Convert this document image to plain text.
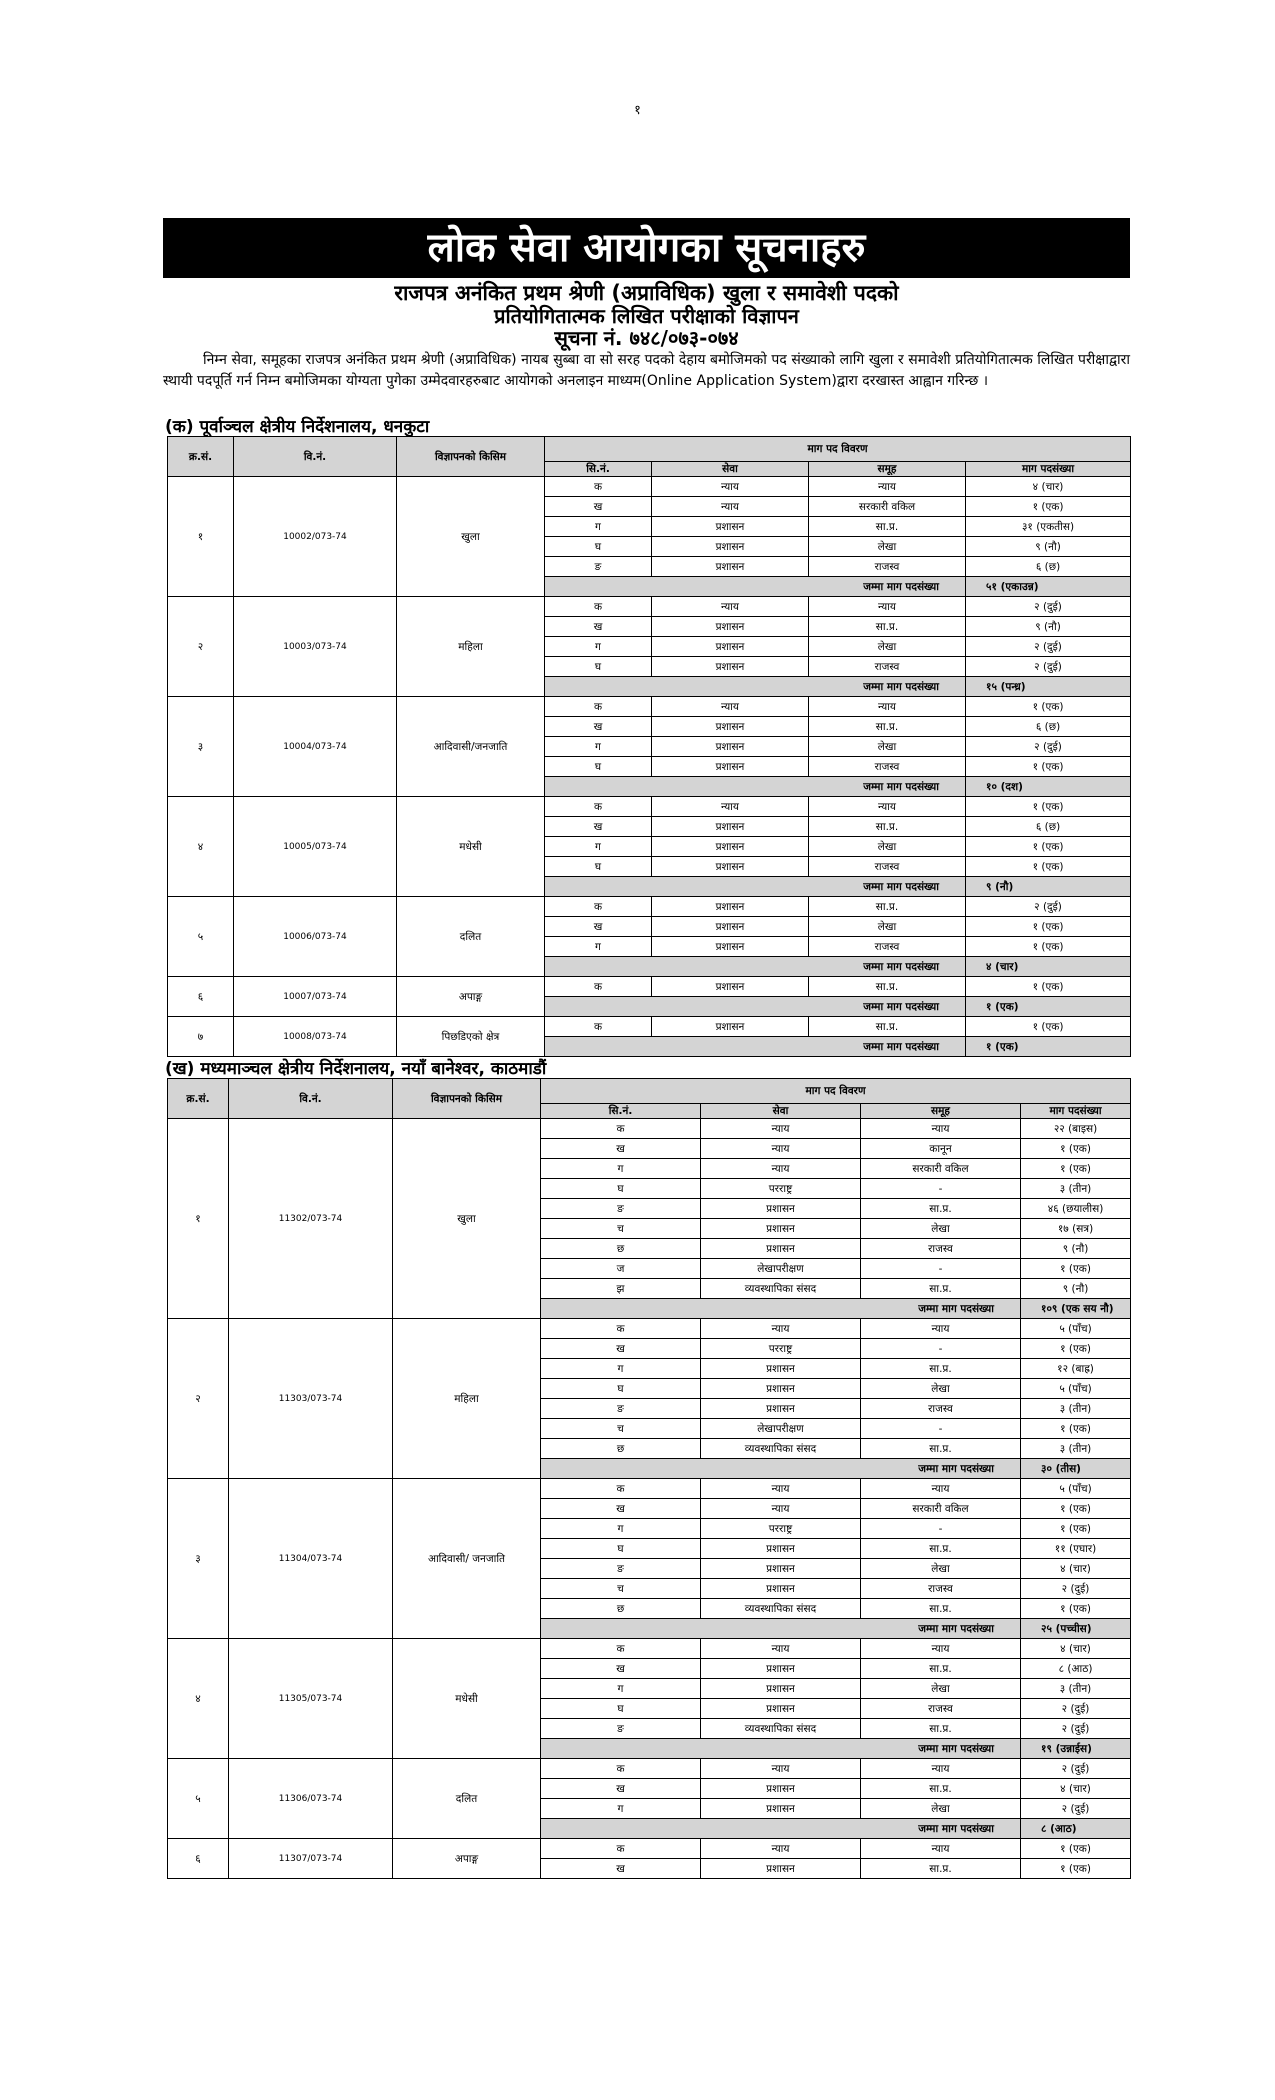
१
लोक सेवा आयोगका सूचनाहरु
राजपत्र अनंकित प्रथम श्रेणी (अप्राविधिक) खुला र समावेशी पदको
प्रतियोगितात्मक लिखित परीक्षाको विज्ञापन
सूचना नं. ७४८/०७३-०७४

निम्न सेवा, समूहका राजपत्र अनंकित प्रथम श्रेणी (अप्राविधिक) नायब सुब्बा वा सो सरह पदको देहाय बमोजिमको पद संख्याको लागि खुला र समावेशी प्रतियोगितात्मक लिखित परीक्षाद्वारा स्थायी पदपूर्ति गर्न निम्न बमोजिमका योग्यता पुगेका उम्मेदवारहरुबाट आयोगको अनलाइन माध्यम(Online Application System)द्वारा दरखास्त आह्वान गरिन्छ ।

(क) पूर्वाञ्चल क्षेत्रीय निर्देशनालय, धनकुटा
क्र.सं.	वि.नं.	विज्ञापनको किसिम	माग पद विवरण			
			सि.नं.	सेवा	समूह	माग पदसंख्या
१	10002/073-74	खुला	क	न्याय	न्याय	४ (चार)
			ख	न्याय	सरकारी वकिल	१ (एक)
			ग	प्रशासन	सा.प्र.	३१ (एकतीस)
			घ	प्रशासन	लेखा	९ (नौ)
			ङ	प्रशासन	राजस्व	६ (छ)
			जम्मा माग पदसंख्या			५१ (एकाउन्न)
२	10003/073-74	महिला	क	न्याय	न्याय	२ (दुई)
			ख	प्रशासन	सा.प्र.	९ (नौ)
			ग	प्रशासन	लेखा	२ (दुई)
			घ	प्रशासन	राजस्व	२ (दुई)
			जम्मा माग पदसंख्या			१५ (पन्ध्र)
३	10004/073-74	आदिवासी/जनजाति	क	न्याय	न्याय	१ (एक)
			ख	प्रशासन	सा.प्र.	६ (छ)
			ग	प्रशासन	लेखा	२ (दुई)
			घ	प्रशासन	राजस्व	१ (एक)
			जम्मा माग पदसंख्या			१० (दश)
४	10005/073-74	मधेसी	क	न्याय	न्याय	१ (एक)
			ख	प्रशासन	सा.प्र.	६ (छ)
			ग	प्रशासन	लेखा	१ (एक)
			घ	प्रशासन	राजस्व	१ (एक)
			जम्मा माग पदसंख्या			९ (नौ)
५	10006/073-74	दलित	क	प्रशासन	सा.प्र.	२ (दुई)
			ख	प्रशासन	लेखा	१ (एक)
			ग	प्रशासन	राजस्व	१ (एक)
			जम्मा माग पदसंख्या			४ (चार)
६	10007/073-74	अपाङ्ग	क	प्रशासन	सा.प्र.	१ (एक)
			जम्मा माग पदसंख्या			१ (एक)
७	10008/073-74	पिछडिएको क्षेत्र	क	प्रशासन	सा.प्र.	१ (एक)
			जम्मा माग पदसंख्या			१ (एक)
(ख) मध्यमाञ्चल क्षेत्रीय निर्देशनालय, नयाँ बानेश्वर, काठमाडौं
क्र.सं.	वि.नं.	विज्ञापनको किसिम	माग पद विवरण			
			सि.नं.	सेवा	समूह	माग पदसंख्या
१	11302/073-74	खुला	क	न्याय	न्याय	२२ (बाइस)
			ख	न्याय	कानून	१ (एक)
			ग	न्याय	सरकारी वकिल	१ (एक)
			घ	परराष्ट्र	-	३ (तीन)
			ङ	प्रशासन	सा.प्र.	४६ (छयालीस)
			च	प्रशासन	लेखा	१७ (सत्र)
			छ	प्रशासन	राजस्व	९ (नौ)
			ज	लेखापरीक्षण	-	१ (एक)
			झ	व्यवस्थापिका संसद	सा.प्र.	९ (नौ)
			जम्मा माग पदसंख्या			१०९ (एक सय नौ)
२	11303/073-74	महिला	क	न्याय	न्याय	५ (पाँच)
			ख	परराष्ट्र	-	१ (एक)
			ग	प्रशासन	सा.प्र.	१२ (बाह्र)
			घ	प्रशासन	लेखा	५ (पाँच)
			ङ	प्रशासन	राजस्व	३ (तीन)
			च	लेखापरीक्षण	-	१ (एक)
			छ	व्यवस्थापिका संसद	सा.प्र.	३ (तीन)
			जम्मा माग पदसंख्या			३० (तीस)
३	11304/073-74	आदिवासी/ जनजाति	क	न्याय	न्याय	५ (पाँच)
			ख	न्याय	सरकारी वकिल	१ (एक)
			ग	परराष्ट्र	-	१ (एक)
			घ	प्रशासन	सा.प्र.	११ (एघार)
			ङ	प्रशासन	लेखा	४ (चार)
			च	प्रशासन	राजस्व	२ (दुई)
			छ	व्यवस्थापिका संसद	सा.प्र.	१ (एक)
			जम्मा माग पदसंख्या			२५ (पच्चीस)
४	11305/073-74	मधेसी	क	न्याय	न्याय	४ (चार)
			ख	प्रशासन	सा.प्र.	८ (आठ)
			ग	प्रशासन	लेखा	३ (तीन)
			घ	प्रशासन	राजस्व	२ (दुई)
			ङ	व्यवस्थापिका संसद	सा.प्र.	२ (दुई)
			जम्मा माग पदसंख्या			१९ (उन्नाईस)
५	11306/073-74	दलित	क	न्याय	न्याय	२ (दुई)
			ख	प्रशासन	सा.प्र.	४ (चार)
			ग	प्रशासन	लेखा	२ (दुई)
			जम्मा माग पदसंख्या			८ (आठ)
६	11307/073-74	अपाङ्ग	क	न्याय	न्याय	१ (एक)
			ख	प्रशासन	सा.प्र.	१ (एक)
